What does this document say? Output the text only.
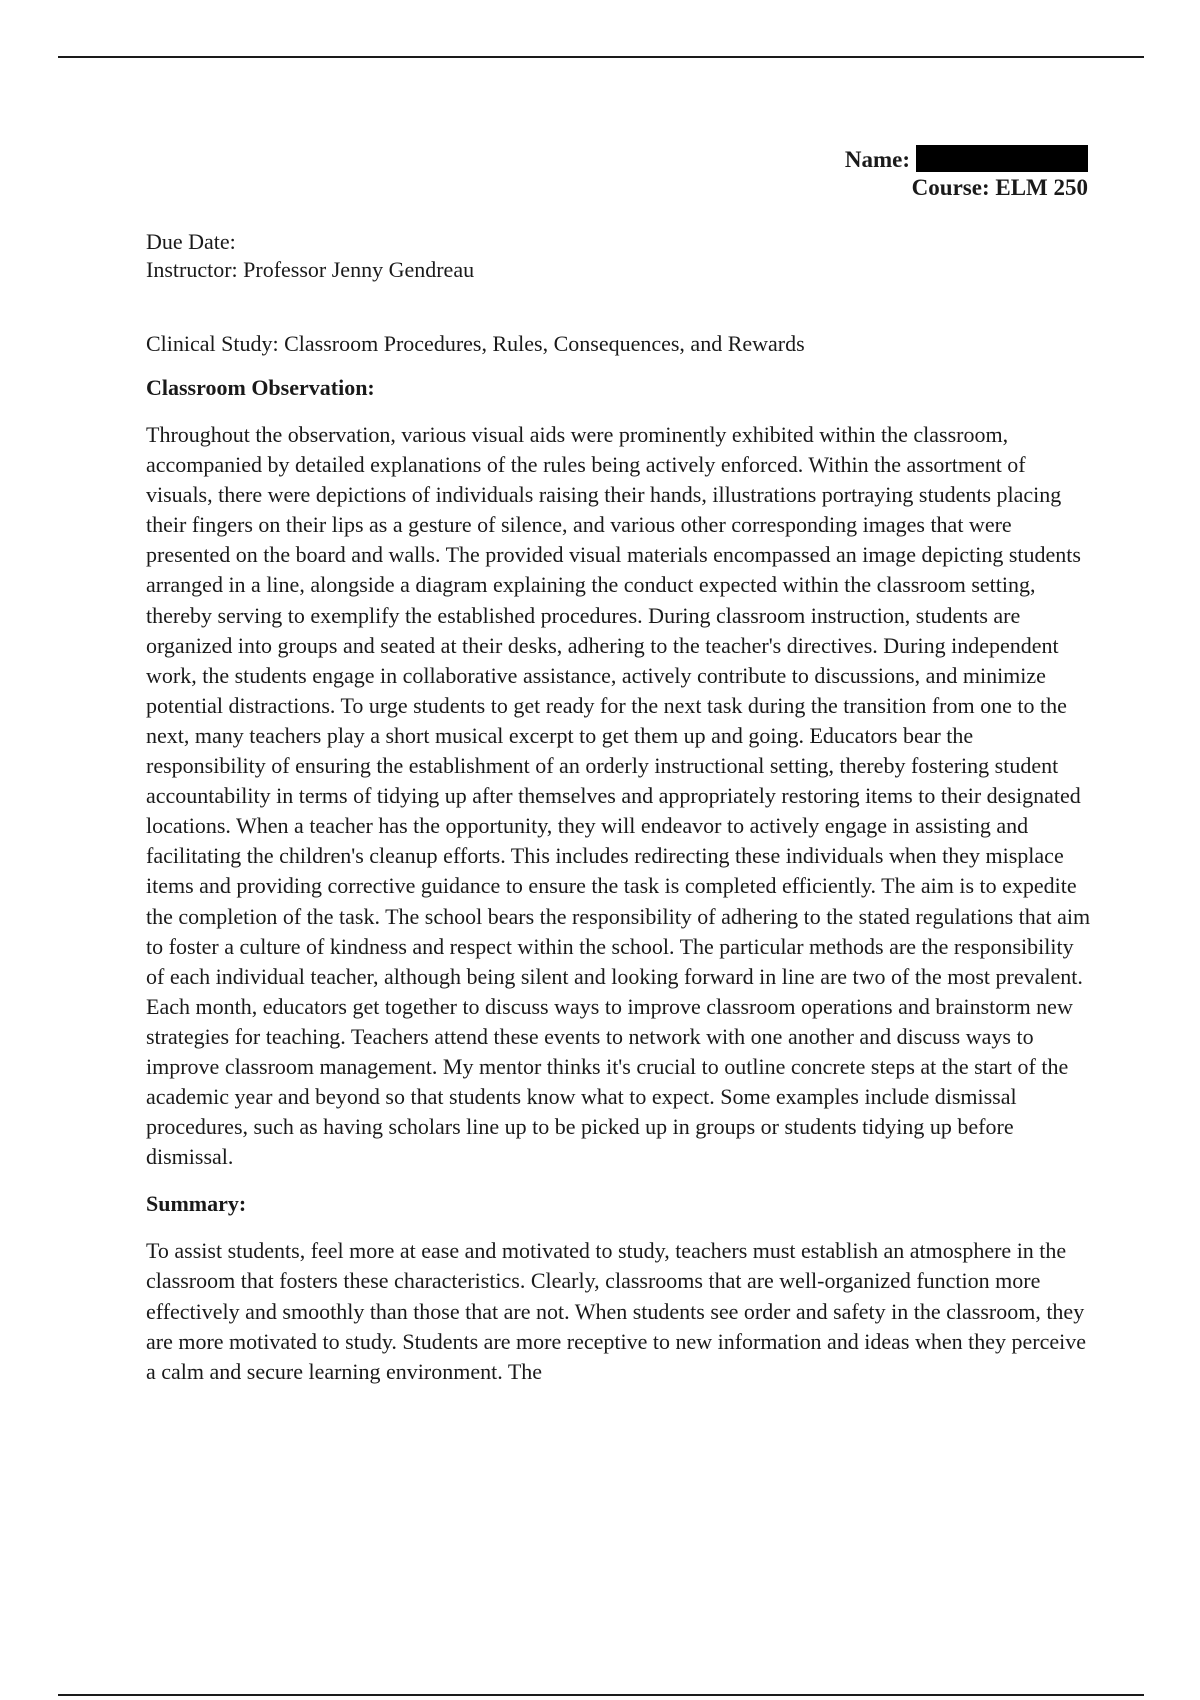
Name:
Course: ELM 250
Due Date:
Instructor: Professor Jenny Gendreau
Clinical Study: Classroom Procedures, Rules, Consequences, and Rewards
Classroom Observation:
Throughout the observation, various visual aids were prominently exhibited within the classroom, accompanied by detailed explanations of the rules being actively enforced. Within the assortment of visuals, there were depictions of individuals raising their hands, illustrations portraying students placing their fingers on their lips as a gesture of silence, and various other corresponding images that were presented on the board and walls. The provided visual materials encompassed an image depicting students arranged in a line, alongside a diagram explaining the conduct expected within the classroom setting, thereby serving to exemplify the established procedures. During classroom instruction, students are organized into groups and seated at their desks, adhering to the teacher's directives. During independent work, the students engage in collaborative assistance, actively contribute to discussions, and minimize potential distractions. To urge students to get ready for the next task during the transition from one to the next, many teachers play a short musical excerpt to get them up and going. Educators bear the responsibility of ensuring the establishment of an orderly instructional setting, thereby fostering student accountability in terms of tidying up after themselves and appropriately restoring items to their designated locations. When a teacher has the opportunity, they will endeavor to actively engage in assisting and facilitating the children's cleanup efforts. This includes redirecting these individuals when they misplace items and providing corrective guidance to ensure the task is completed efficiently. The aim is to expedite the completion of the task. The school bears the responsibility of adhering to the stated regulations that aim to foster a culture of kindness and respect within the school. The particular methods are the responsibility of each individual teacher, although being silent and looking forward in line are two of the most prevalent. Each month, educators get together to discuss ways to improve classroom operations and brainstorm new strategies for teaching. Teachers attend these events to network with one another and discuss ways to improve classroom management. My mentor thinks it's crucial to outline concrete steps at the start of the academic year and beyond so that students know what to expect. Some examples include dismissal procedures, such as having scholars line up to be picked up in groups or students tidying up before dismissal.
Summary:
To assist students, feel more at ease and motivated to study, teachers must establish an atmosphere in the classroom that fosters these characteristics. Clearly, classrooms that are well-organized function more effectively and smoothly than those that are not. When students see order and safety in the classroom, they are more motivated to study. Students are more receptive to new information and ideas when they perceive a calm and secure learning environment. The
